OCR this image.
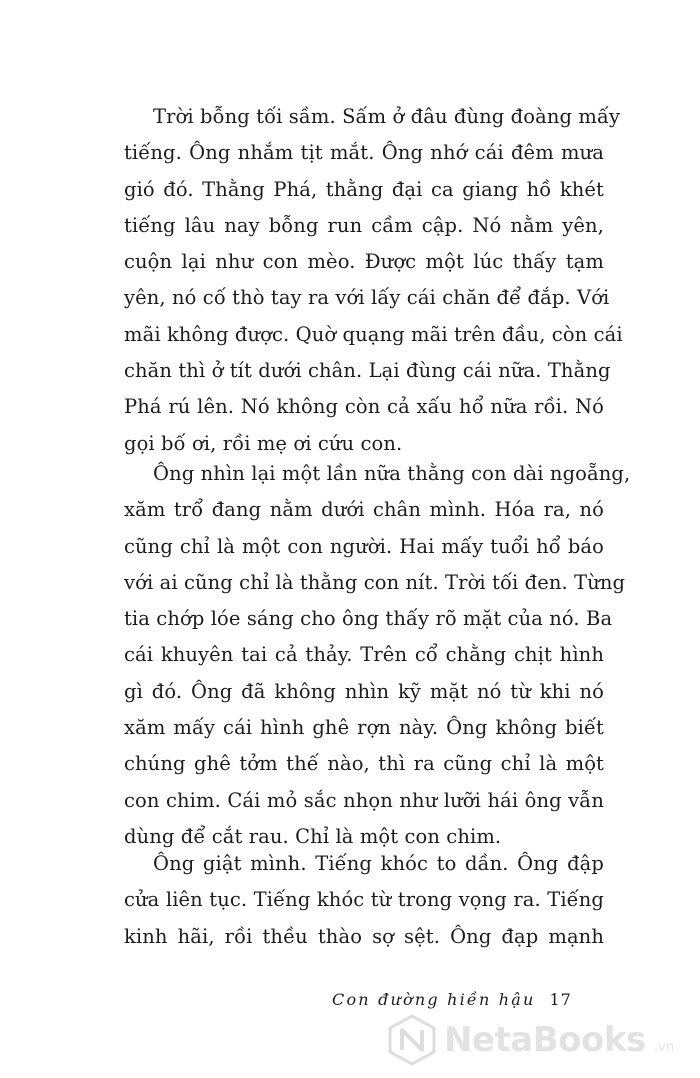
Trời bỗng tối sầm. Sấm ở đâu đùng đoàng mấy
tiếng. Ông nhắm tịt mắt. Ông nhớ cái đêm mưa
gió đó. Thằng Phá, thằng đại ca giang hồ khét
tiếng lâu nay bỗng run cầm cập. Nó nằm yên,
cuộn lại như con mèo. Được một lúc thấy tạm
yên, nó cố thò tay ra với lấy cái chăn để đắp. Với
mãi không được. Quờ quạng mãi trên đầu, còn cái
chăn thì ở tít dưới chân. Lại đùng cái nữa. Thằng
Phá rú lên. Nó không còn cả xấu hổ nữa rồi. Nó
gọi bố ơi, rồi mẹ ơi cứu con.
Ông nhìn lại một lần nữa thằng con dài ngoẵng,
xăm trổ đang nằm dưới chân mình. Hóa ra, nó
cũng chỉ là một con người. Hai mấy tuổi hổ báo
với ai cũng chỉ là thằng con nít. Trời tối đen. Từng
tia chớp lóe sáng cho ông thấy rõ mặt của nó. Ba
cái khuyên tai cả thảy. Trên cổ chằng chịt hình
gì đó. Ông đã không nhìn kỹ mặt nó từ khi nó
xăm mấy cái hình ghê rợn này. Ông không biết
chúng ghê tởm thế nào, thì ra cũng chỉ là một
con chim. Cái mỏ sắc nhọn như lưỡi hái ông vẫn
dùng để cắt rau. Chỉ là một con chim.
Ông giật mình. Tiếng khóc to dần. Ông đập
cửa liên tục. Tiếng khóc từ trong vọng ra. Tiếng
kinh hãi, rồi thều thào sợ sệt. Ông đạp mạnh
Con đường hiền hậu 17
NetaBooks .vn
